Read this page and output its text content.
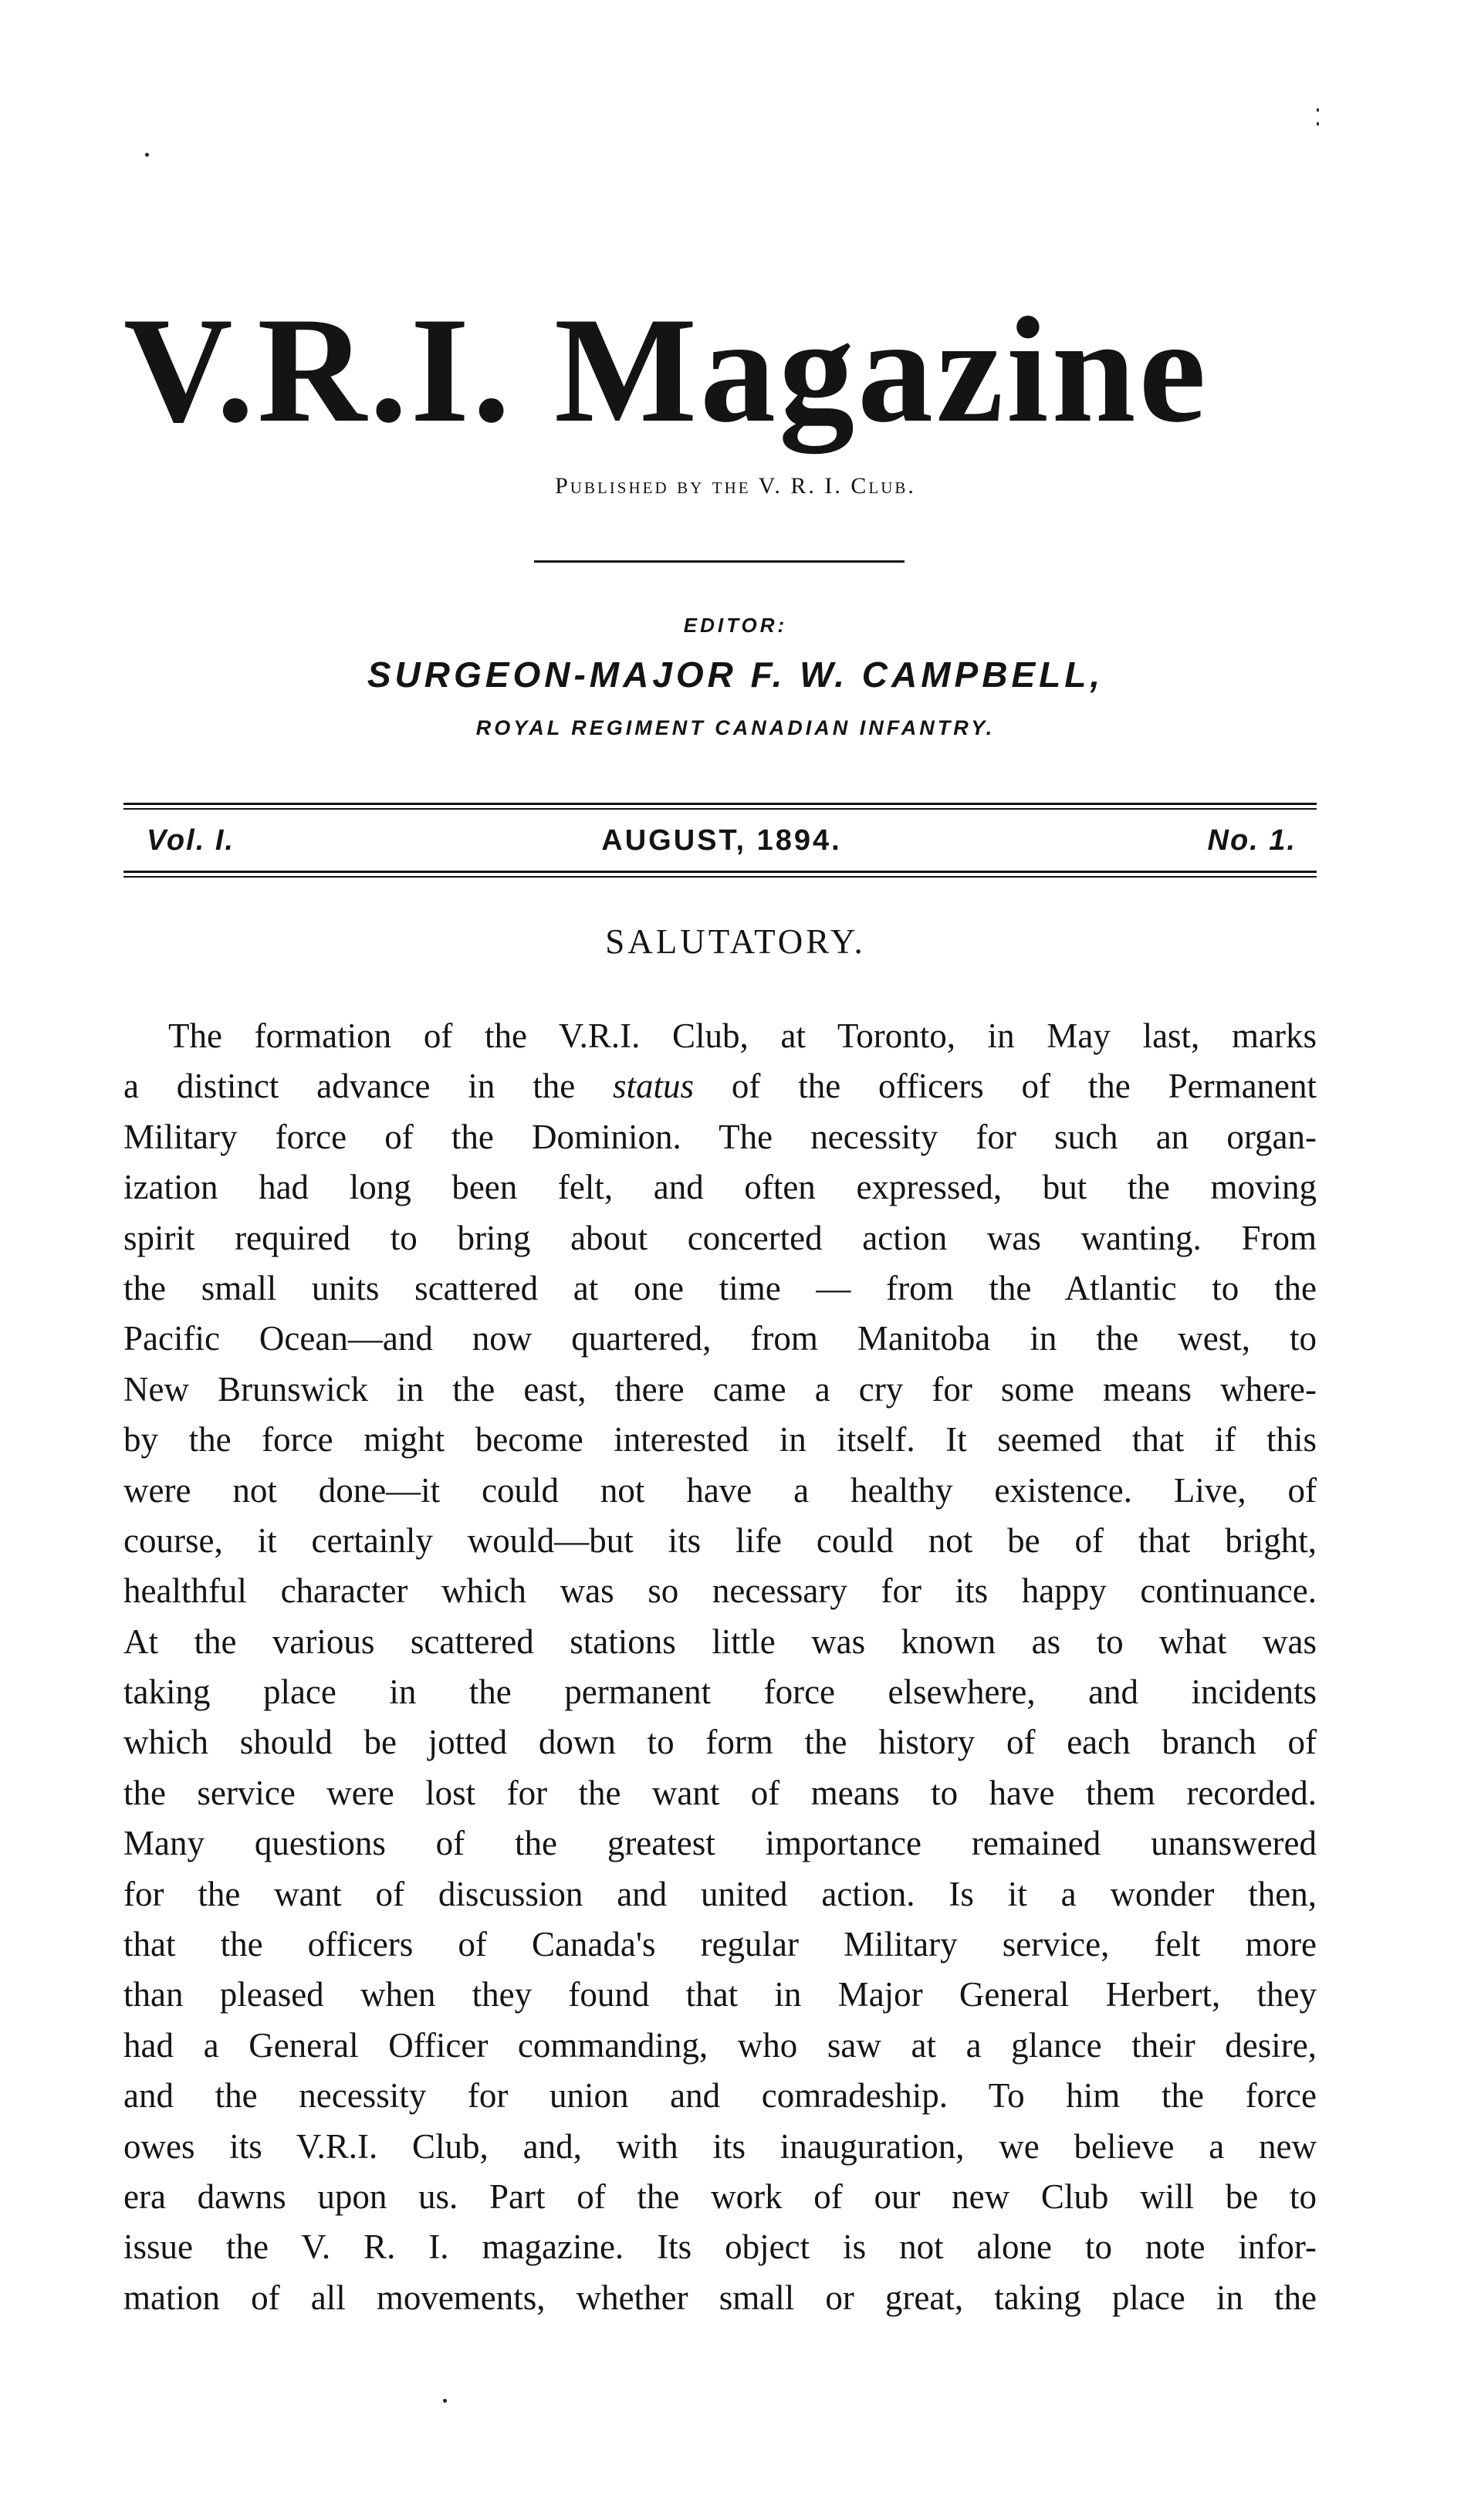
V.R.I. Magazine
Published by the V. R. I. Club.
EDITOR:
SURGEON-MAJOR F. W. CAMPBELL,
ROYAL REGIMENT CANADIAN INFANTRY.
Vol. I.	AUGUST, 1894.	No. 1.
SALUTATORY.
The formation of the V.R.I. Club, at Toronto, in May last, marks
a distinct advance in the status of the officers of the Permanent
Military force of the Dominion. The necessity for such an organ-
ization had long been felt, and often expressed, but the moving
spirit required to bring about concerted action was wanting. From
the small units scattered at one time — from the Atlantic to the
Pacific Ocean—and now quartered, from Manitoba in the west, to
New Brunswick in the east, there came a cry for some means where-
by the force might become interested in itself. It seemed that if this
were not done—it could not have a healthy existence. Live, of
course, it certainly would—but its life could not be of that bright,
healthful character which was so necessary for its happy continuance.
At the various scattered stations little was known as to what was
taking place in the permanent force elsewhere, and incidents
which should be jotted down to form the history of each branch of
the service were lost for the want of means to have them recorded.
Many questions of the greatest importance remained unanswered
for the want of discussion and united action. Is it a wonder then,
that the officers of Canada's regular Military service, felt more
than pleased when they found that in Major General Herbert, they
had a General Officer commanding, who saw at a glance their desire,
and the necessity for union and comradeship. To him the force
owes its V.R.I. Club, and, with its inauguration, we believe a new
era dawns upon us. Part of the work of our new Club will be to
issue the V. R. I. magazine. Its object is not alone to note infor-
mation of all movements, whether small or great, taking place in the
